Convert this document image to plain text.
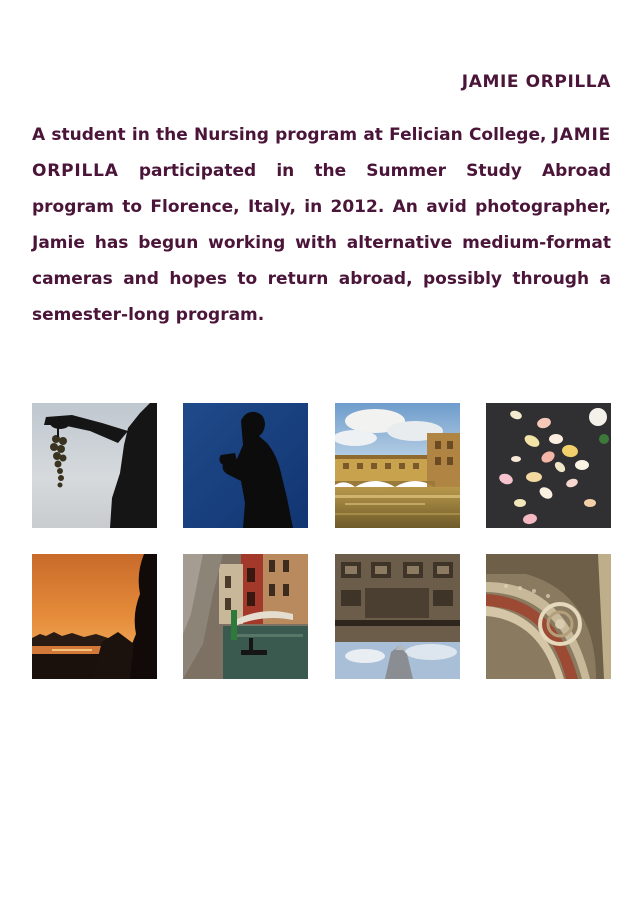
JAMIE ORPILLA

A student in the Nursing program at Felician College, JAMIE ORPILLA participated in the Summer Study Abroad program to Florence, Italy, in 2012. An avid photographer, Jamie has begun working with alternative medium-format cameras and hopes to return abroad, possibly through a semester-long program.
